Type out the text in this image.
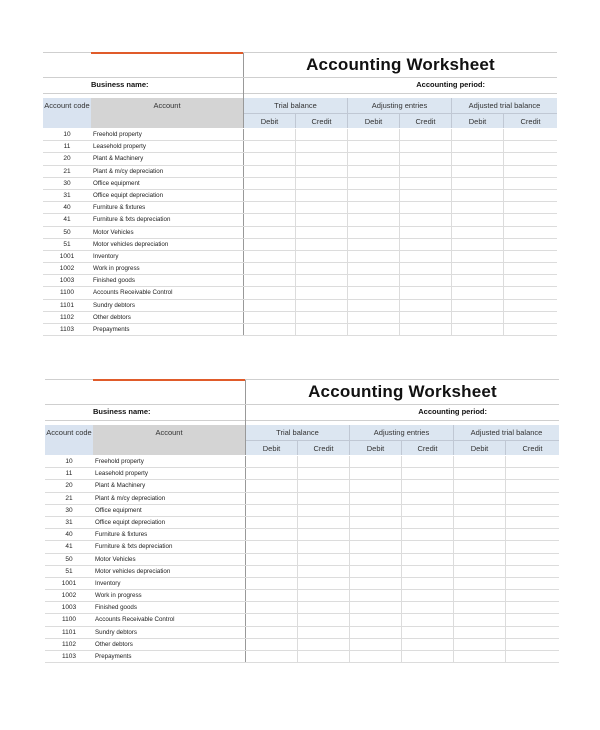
Accounting Worksheet
Business name:	Accounting period:
Account code	Account	Trial balance	Adjusting entries	Adjusted trial balance
Debit	Credit	Debit	Credit	Debit	Credit
10	Freehold property
11	Leasehold property
20	Plant & Machinery
21	Plant & m/cy depreciation
30	Office equipment
31	Office equipt depreciation
40	Furniture & fixtures
41	Furniture & fxts depreciation
50	Motor Vehicles
51	Motor vehicles depreciation
1001	Inventory
1002	Work in progress
1003	Finished goods
1100	Accounts Receivable Control
1101	Sundry debtors
1102	Other debtors
1103	Prepayments
Accounting Worksheet
Business name:	Accounting period:
Account code	Account	Trial balance	Adjusting entries	Adjusted trial balance
Debit	Credit	Debit	Credit	Debit	Credit
10	Freehold property
11	Leasehold property
20	Plant & Machinery
21	Plant & m/cy depreciation
30	Office equipment
31	Office equipt depreciation
40	Furniture & fixtures
41	Furniture & fxts depreciation
50	Motor Vehicles
51	Motor vehicles depreciation
1001	Inventory
1002	Work in progress
1003	Finished goods
1100	Accounts Receivable Control
1101	Sundry debtors
1102	Other debtors
1103	Prepayments
